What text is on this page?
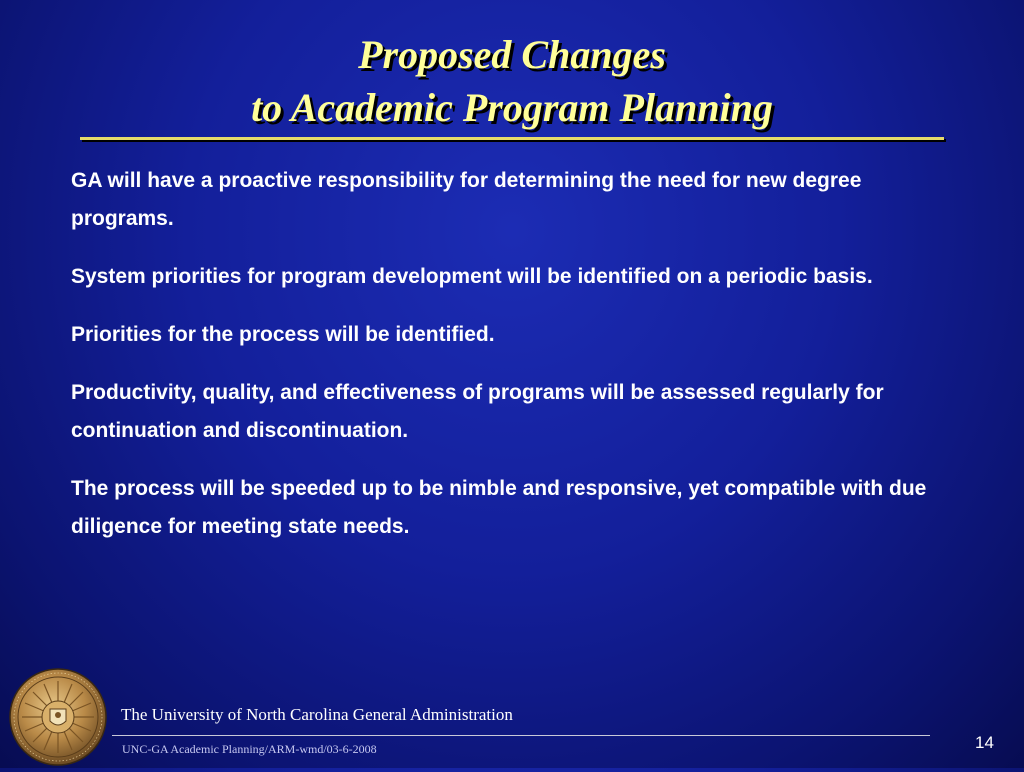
Proposed Changes
to Academic Program Planning
GA will have a proactive responsibility for determining the need for new degree programs.
System priorities for program development will be identified on a periodic basis.
Priorities for the process will be identified.
Productivity, quality, and effectiveness of programs will be assessed regularly for continuation and discontinuation.
The process will be speeded up to be nimble and responsive, yet compatible with due diligence for meeting state needs.
The University of North Carolina General Administration
UNC-GA Academic Planning/ARM-wmd/03-6-2008	14
